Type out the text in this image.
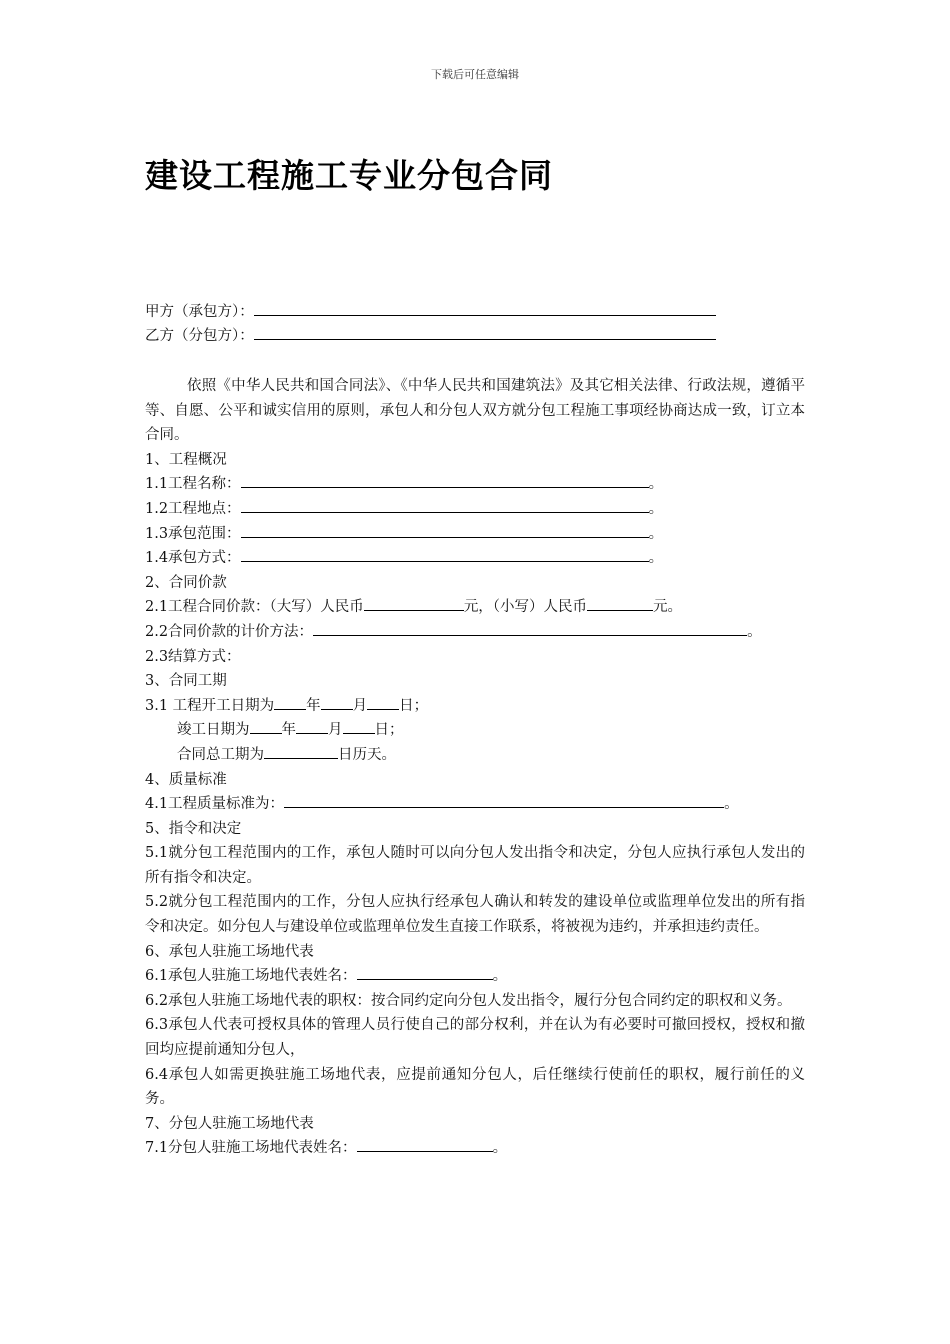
下载后可任意编辑
建设工程施工专业分包合同
甲方（承包方）：
乙方（分包方）：
依照《中华人民共和国合同法》、《中华人民共和国建筑法》及其它相关法律、行政法规，遵循平等、自愿、公平和诚实信用的原则，承包人和分包人双方就分包工程施工事项经协商达成一致，订立本合同。
1、工程概况
1.1工程名称：	。
1.2工程地点：	。
1.3承包范围：	。
1.4承包方式：	。
2、合同价款
2.1工程合同价款：（大写）人民币	元，（小写）人民币	元。
2.2合同价款的计价方法：	。
2.3结算方式：
3、合同工期
3.1 工程开工日期为 年 月 日；
竣工日期为 年 月 日；
合同总工期为	日历天。
4、质量标准
4.1工程质量标准为：	。
5、指令和决定
5.1就分包工程范围内的工作，承包人随时可以向分包人发出指令和决定，分包人应执行承包人发出的所有指令和决定。
5.2就分包工程范围内的工作，分包人应执行经承包人确认和转发的建设单位或监理单位发出的所有指令和决定。如分包人与建设单位或监理单位发生直接工作联系，将被视为违约，并承担违约责任。
6、承包人驻施工场地代表
6.1承包人驻施工场地代表姓名：	。
6.2承包人驻施工场地代表的职权：按合同约定向分包人发出指令，履行分包合同约定的职权和义务。
6.3承包人代表可授权具体的管理人员行使自己的部分权利，并在认为有必要时可撤回授权，授权和撤回均应提前通知分包人，
6.4承包人如需更换驻施工场地代表，应提前通知分包人，后任继续行使前任的职权，履行前任的义务。
7、分包人驻施工场地代表
7.1分包人驻施工场地代表姓名：	。
